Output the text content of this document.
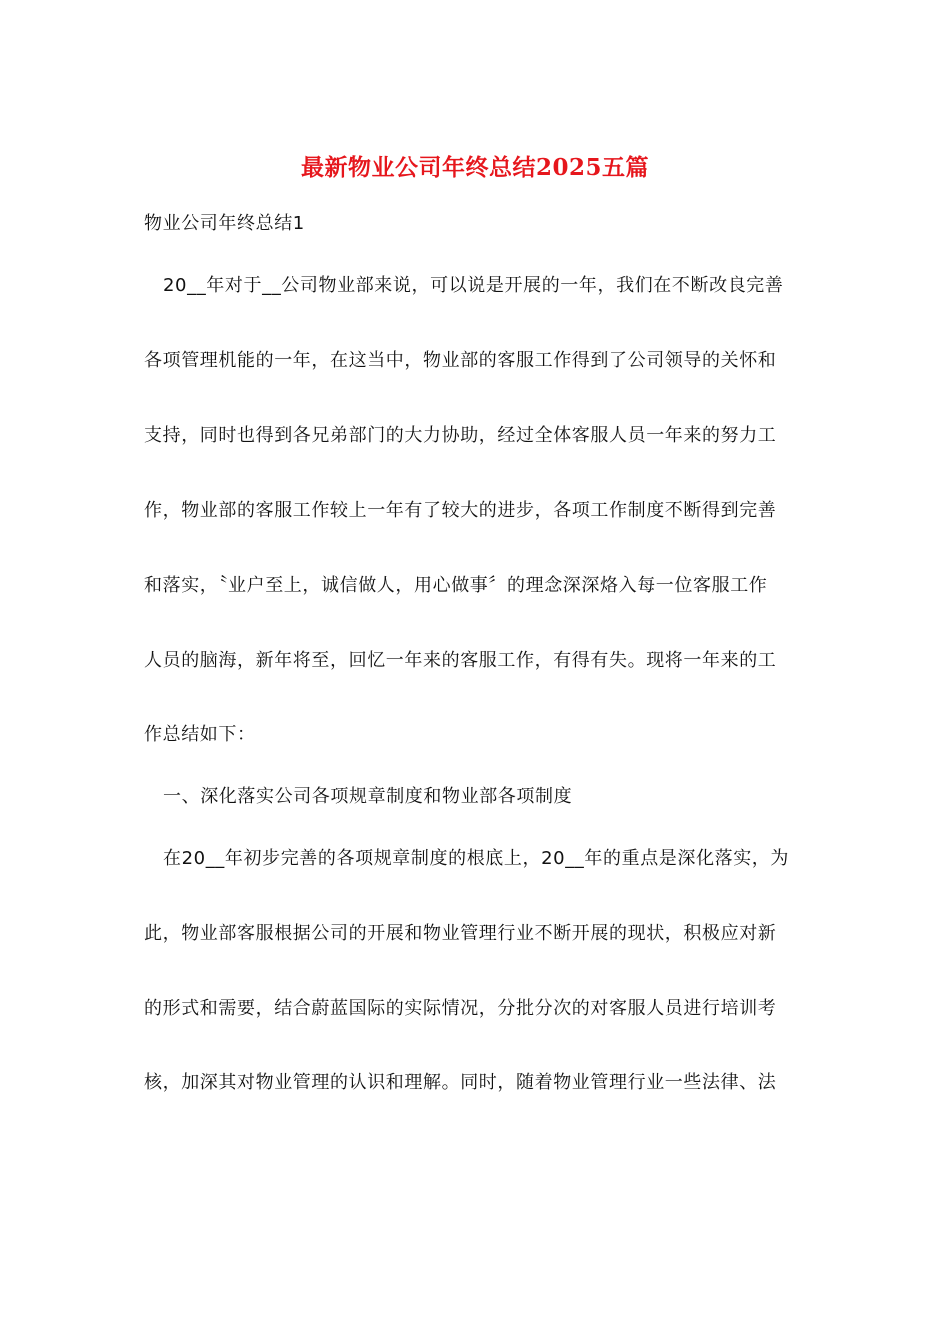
最新物业公司年终总结2025五篇
物业公司年终总结1
20__年对于__公司物业部来说，可以说是开展的一年，我们在不断改良完善
各项管理机能的一年，在这当中，物业部的客服工作得到了公司领导的关怀和
支持，同时也得到各兄弟部门的大力协助，经过全体客服人员一年来的努力工
作，物业部的客服工作较上一年有了较大的进步，各项工作制度不断得到完善
和落实，〝业户至上，诚信做人，用心做事〞的理念深深烙入每一位客服工作
人员的脑海，新年将至，回忆一年来的客服工作，有得有失。现将一年来的工
作总结如下：
一、深化落实公司各项规章制度和物业部各项制度
在20__年初步完善的各项规章制度的根底上，20__年的重点是深化落实，为
此，物业部客服根据公司的开展和物业管理行业不断开展的现状，积极应对新
的形式和需要，结合蔚蓝国际的实际情况，分批分次的对客服人员进行培训考
核，加深其对物业管理的认识和理解。同时，随着物业管理行业一些法律、法
